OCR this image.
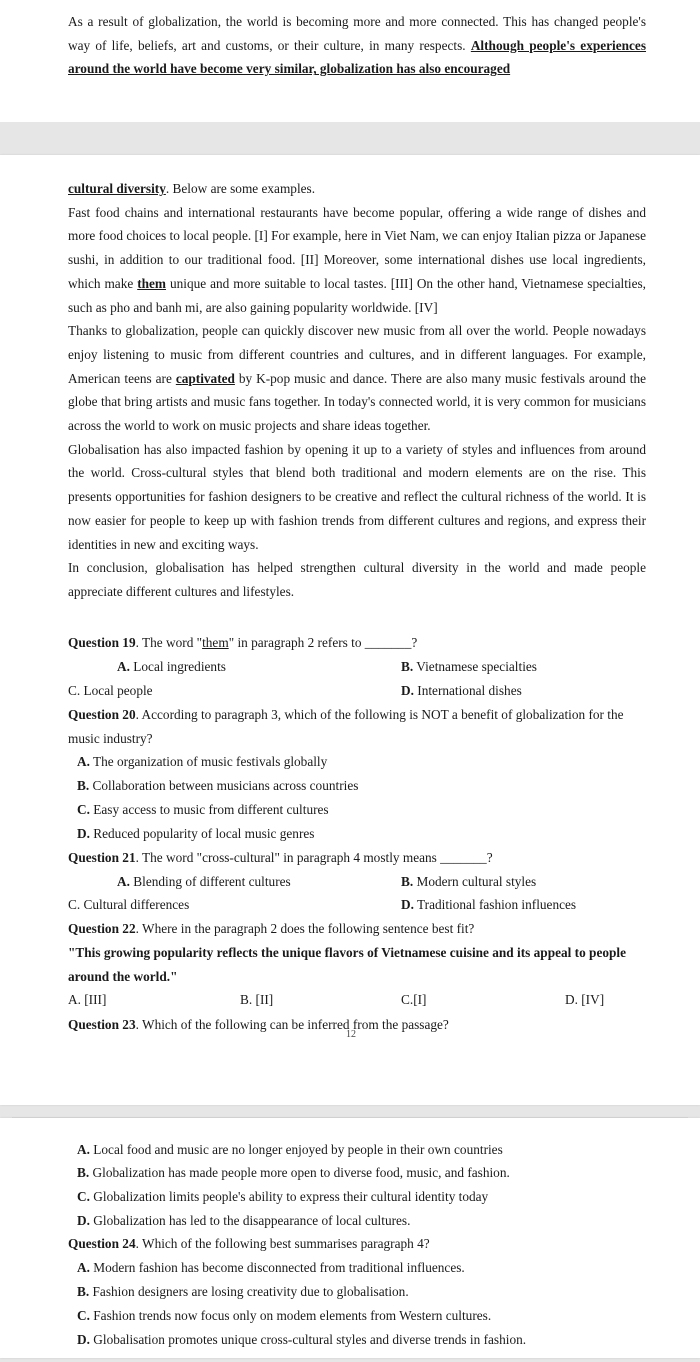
As a result of globalization, the world is becoming more and more connected. This has changed people's way of life, beliefs, art and customs, or their culture, in many respects. Although people's experiences around the world have become very similar, globalization has also encouraged

cultural diversity. Below are some examples.

Fast food chains and international restaurants have become popular, offering a wide range of dishes and more food choices to local people. [I] For example, here in Viet Nam, we can enjoy Italian pizza or Japanese sushi, in addition to our traditional food. [II] Moreover, some international dishes use local ingredients, which make them unique and more suitable to local tastes. [III] On the other hand, Vietnamese specialties, such as pho and banh mi, are also gaining popularity worldwide. [IV]

Thanks to globalization, people can quickly discover new music from all over the world. People nowadays enjoy listening to music from different countries and cultures, and in different languages. For example, American teens are captivated by K-pop music and dance. There are also many music festivals around the globe that bring artists and music fans together. In today's connected world, it is very common for musicians across the world to work on music projects and share ideas together.

Globalisation has also impacted fashion by opening it up to a variety of styles and influences from around the world. Cross-cultural styles that blend both traditional and modern elements are on the rise. This presents opportunities for fashion designers to be creative and reflect the cultural richness of the world. It is now easier for people to keep up with fashion trends from different cultures and regions, and express their identities in new and exciting ways.

In conclusion, globalisation has helped strengthen cultural diversity in the world and made people appreciate different cultures and lifestyles.

Question 19. The word "them" in paragraph 2 refers to _______?
A. Local ingredients	B. Vietnamese specialties
C. Local people	D. International dishes
Question 20. According to paragraph 3, which of the following is NOT a benefit of globalization for the music industry?
A. The organization of music festivals globally
B. Collaboration between musicians across countries
C. Easy access to music from different cultures
D. Reduced popularity of local music genres
Question 21. The word "cross-cultural" in paragraph 4 mostly means _______?
A. Blending of different cultures	B. Modern cultural styles
C. Cultural differences	D. Traditional fashion influences
Question 22. Where in the paragraph 2 does the following sentence best fit?
"This growing popularity reflects the unique flavors of Vietnamese cuisine and its appeal to people around the world."
A. [III]	B. [II]	C.[I]	D. [IV]
Question 23. Which of the following can be inferred from the passage?
12
A. Local food and music are no longer enjoyed by people in their own countries
B. Globalization has made people more open to diverse food, music, and fashion.
C. Globalization limits people's ability to express their cultural identity today
D. Globalization has led to the disappearance of local cultures.
Question 24. Which of the following best summarises paragraph 4?
A. Modern fashion has become disconnected from traditional influences.
B. Fashion designers are losing creativity due to globalisation.
C. Fashion trends now focus only on modem elements from Western cultures.
D. Globalisation promotes unique cross-cultural styles and diverse trends in fashion.
